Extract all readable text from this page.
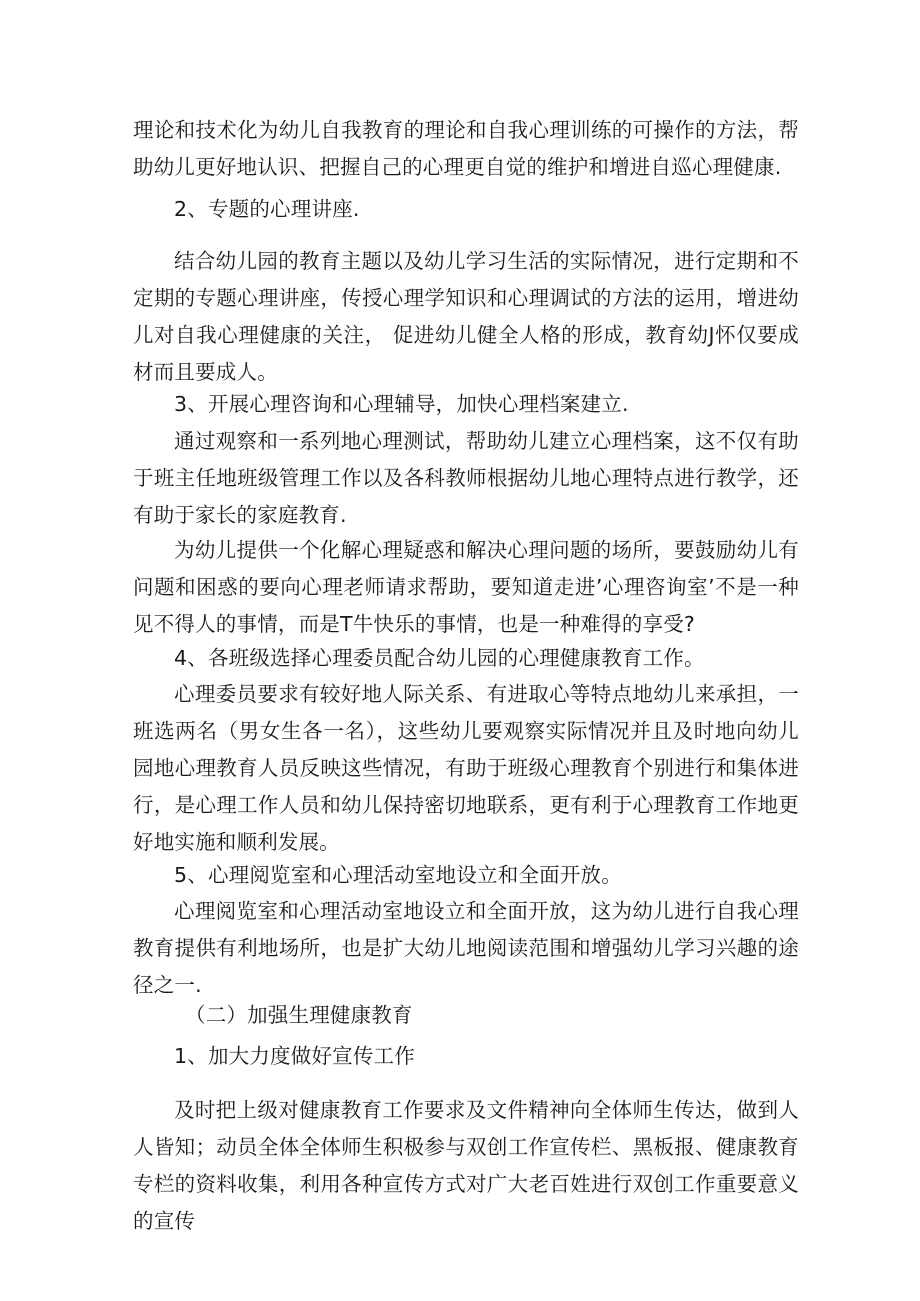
理论和技术化为幼儿自我教育的理论和自我心理训练的可操作的方法，帮助幼儿更好地认识、把握自己的心理更自觉的维护和增进自巡心理健康.

2、专题的心理讲座.

结合幼儿园的教育主题以及幼儿学习生活的实际情况，进行定期和不定期的专题心理讲座，传授心理学知识和心理调试的方法的运用，增进幼儿对自我心理健康的关注， 促进幼儿健全人格的形成，教育幼J怀仅要成材而且要成人。

3、开展心理咨询和心理辅导，加快心理档案建立.

通过观察和一系列地心理测试，帮助幼儿建立心理档案，这不仅有助于班主任地班级管理工作以及各科教师根据幼儿地心理特点进行教学，还有助于家长的家庭教育.

为幼儿提供一个化解心理疑惑和解决心理问题的场所，要鼓励幼儿有问题和困惑的要向心理老师请求帮助，要知道走进’心理咨询室’不是一种见不得人的事情，而是T牛快乐的事情，也是一种难得的享受?

4、各班级选择心理委员配合幼儿园的心理健康教育工作。

心理委员要求有较好地人际关系、有进取心等特点地幼儿来承担，一班选两名（男女生各一名），这些幼儿要观察实际情况并且及时地向幼儿园地心理教育人员反映这些情况，有助于班级心理教育个别进行和集体进行，是心理工作人员和幼儿保持密切地联系，更有利于心理教育工作地更好地实施和顺利发展。

5、心理阅览室和心理活动室地设立和全面开放。

心理阅览室和心理活动室地设立和全面开放，这为幼儿进行自我心理教育提供有利地场所，也是扩大幼儿地阅读范围和增强幼儿学习兴趣的途径之一.

（二）加强生理健康教育

1、加大力度做好宣传工作

及时把上级对健康教育工作要求及文件精神向全体师生传达，做到人人皆知；动员全体全体师生积极参与双创工作宣传栏、黑板报、健康教育专栏的资料收集，利用各种宣传方式对广大老百姓进行双创工作重要意义的宣传
